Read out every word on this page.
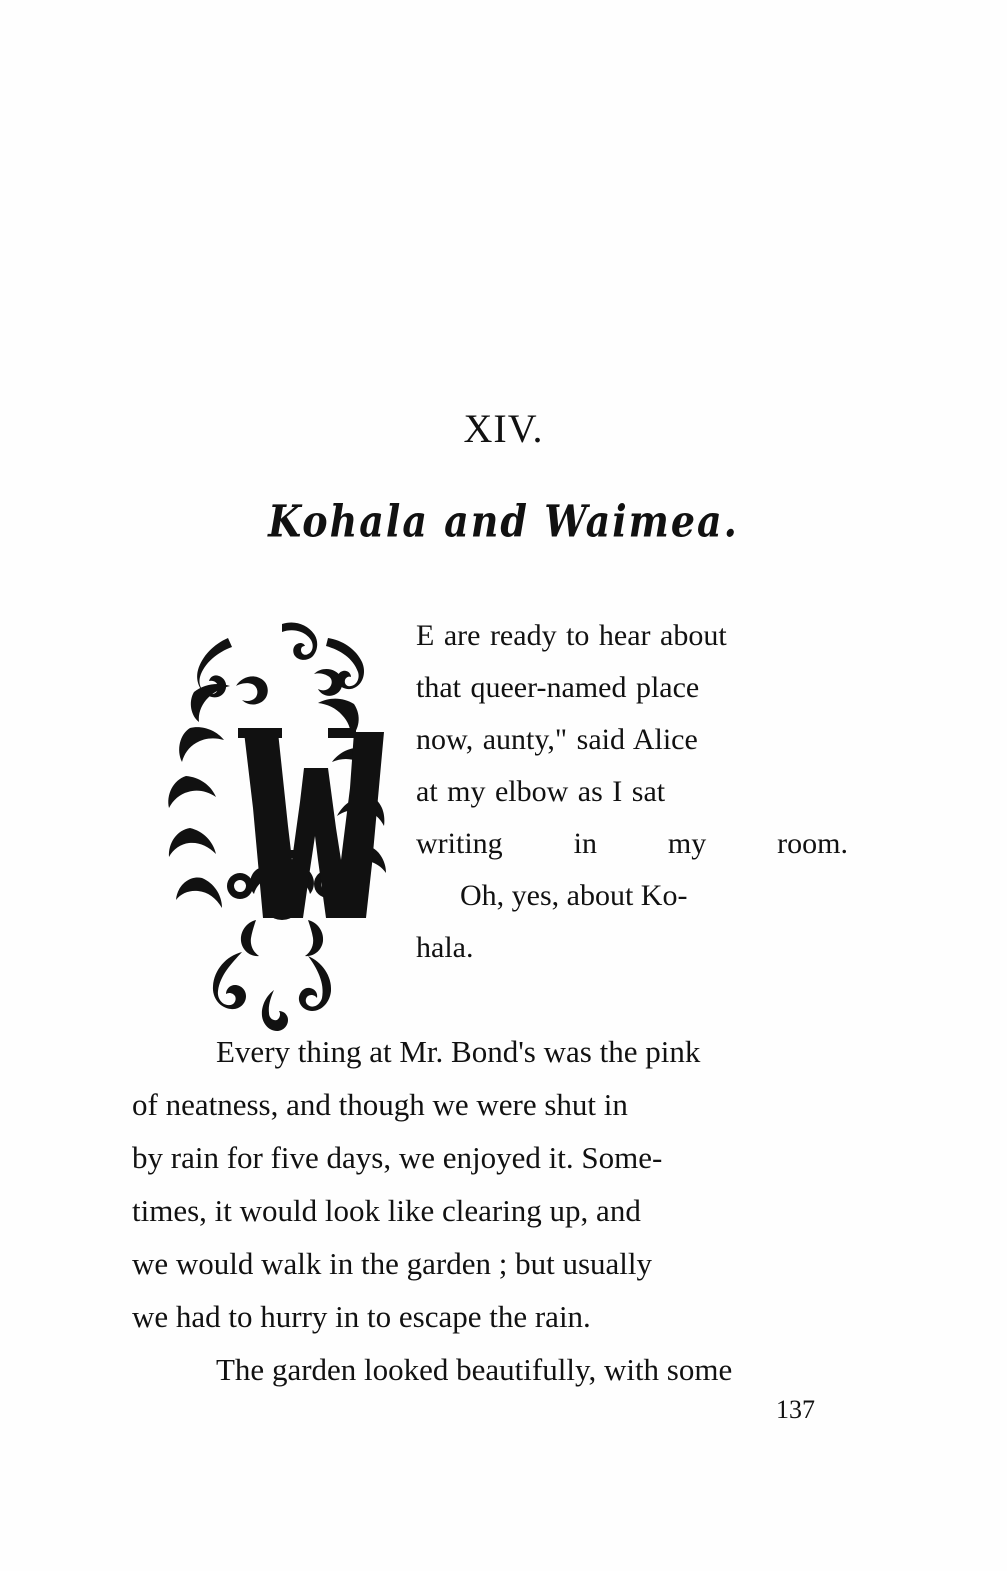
XIV.
Kohala and Waimea.
E are ready to hear about
that queer-named place
now, aunty," said Alice
at my elbow as I sat
writing in my room.
Oh, yes, about Ko-
hala.
Every thing at Mr. Bond's was the pink
of neatness, and though we were shut in
by rain for five days, we enjoyed it. Some-
times, it would look like clearing up, and
we would walk in the garden ; but usually
we had to hurry in to escape the rain.
The garden looked beautifully, with some
137
